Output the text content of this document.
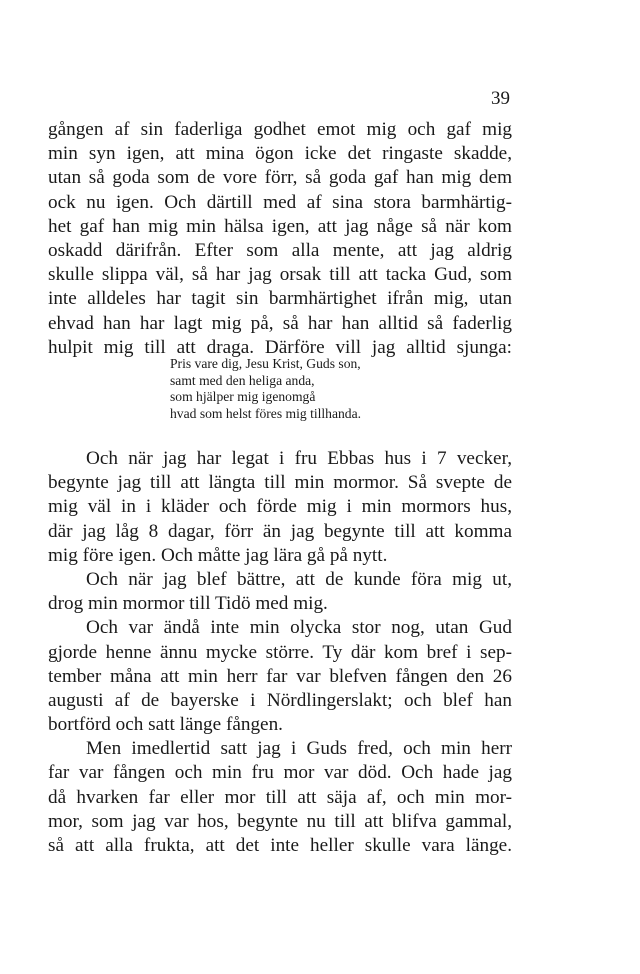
39
gången af sin faderliga godhet emot mig och gaf mig
min syn igen, att mina ögon icke det ringaste skadde,
utan så goda som de vore förr, så goda gaf han mig dem
ock nu igen. Och därtill med af sina stora barmhärtig-
het gaf han mig min hälsa igen, att jag någe så när kom
oskadd därifrån. Efter som alla mente, att jag aldrig
skulle slippa väl, så har jag orsak till att tacka Gud, som
inte alldeles har tagit sin barmhärtighet ifrån mig, utan
ehvad han har lagt mig på, så har han alltid så faderlig
hulpit mig till att draga. Därföre vill jag alltid sjunga:
Pris vare dig, Jesu Krist, Guds son,
samt med den heliga anda,
som hjälper mig igenomgå
hvad som helst föres mig tillhanda.
Och när jag har legat i fru Ebbas hus i 7 vecker,
begynte jag till att längta till min mormor. Så svepte de
mig väl in i kläder och förde mig i min mormors hus,
där jag låg 8 dagar, förr än jag begynte till att komma
mig före igen. Och måtte jag lära gå på nytt.
Och när jag blef bättre, att de kunde föra mig ut,
drog min mormor till Tidö med mig.
Och var ändå inte min olycka stor nog, utan Gud
gjorde henne ännu mycke större. Ty där kom bref i sep-
tember måna att min herr far var blefven fången den 26
augusti af de bayerske i Nördlingerslakt; och blef han
bortförd och satt länge fången.
Men imedlertid satt jag i Guds fred, och min herr
far var fången och min fru mor var död. Och hade jag
då hvarken far eller mor till att säja af, och min mor-
mor, som jag var hos, begynte nu till att blifva gammal,
så att alla frukta, att det inte heller skulle vara länge.
